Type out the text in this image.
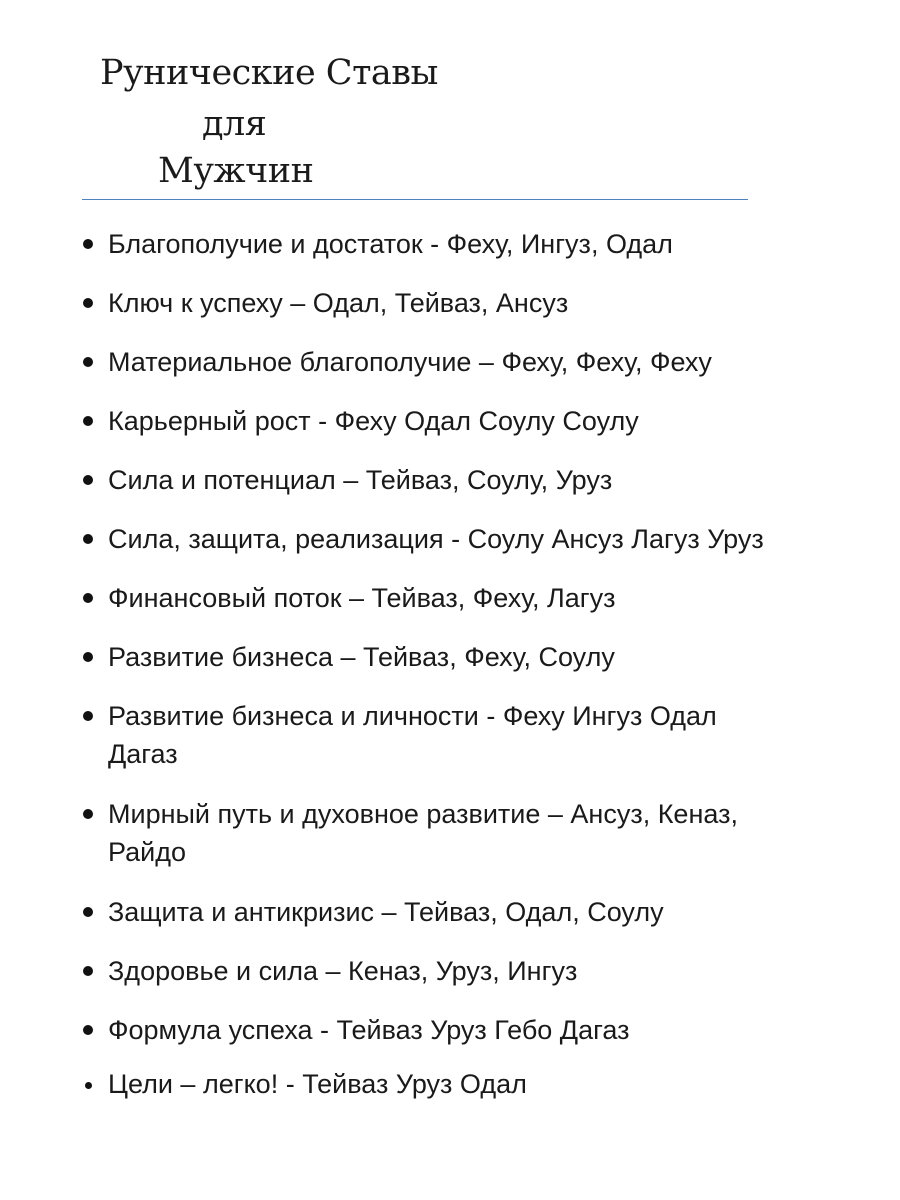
Рунические Ставы
для
Мужчин
Благополучие и достаток - Феху, Ингуз, Одал
Ключ к успеху – Одал, Тейваз, Ансуз
Материальное благополучие – Феху, Феху, Феху
Карьерный рост - Феху Одал Соулу Соулу
Сила и потенциал – Тейваз, Соулу, Уруз
Сила, защита, реализация - Соулу Ансуз Лагуз Уруз
Финансовый поток – Тейваз, Феху, Лагуз
Развитие бизнеса – Тейваз, Феху, Соулу
Развитие бизнеса и личности - Феху Ингуз Одал Дагаз
Мирный путь и духовное развитие – Ансуз, Кеназ, Райдо
Защита и антикризис – Тейваз, Одал, Соулу
Здоровье и сила – Кеназ, Уруз, Ингуз
Формула успеха - Тейваз Уруз Гебо Дагаз
Цели – легко! - Тейваз Уруз Одал
